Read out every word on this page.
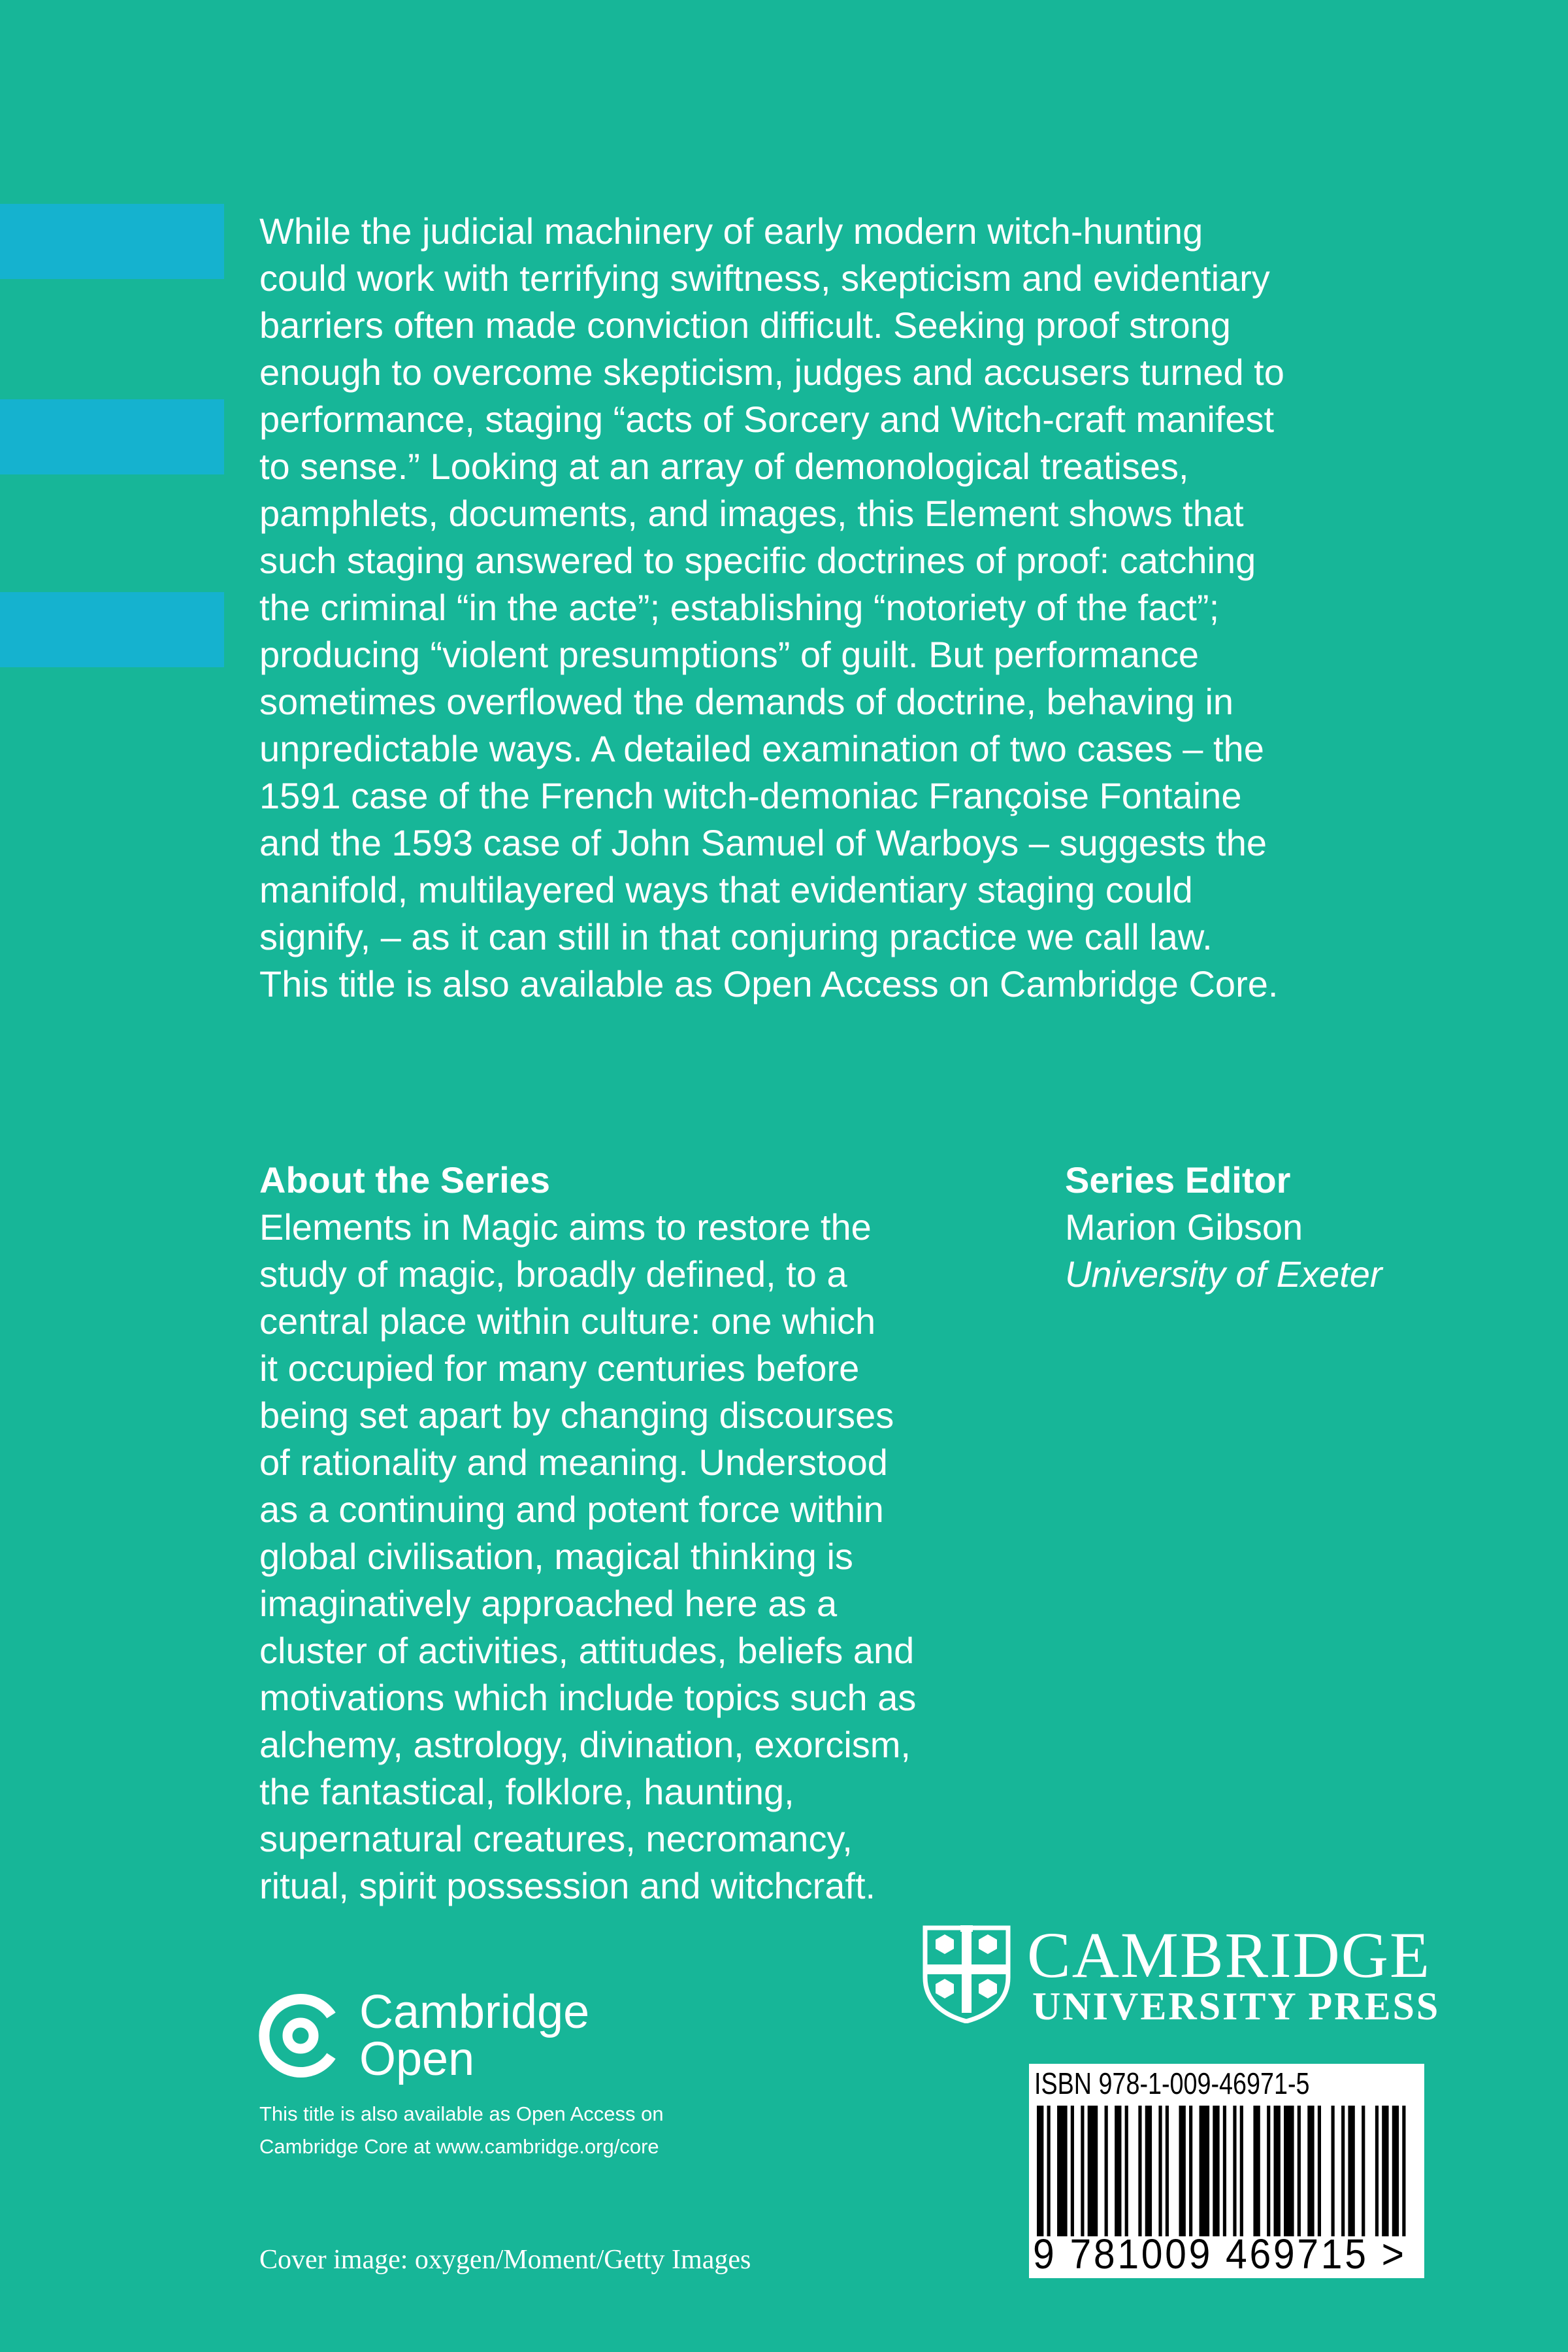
While the judicial machinery of early modern witch-hunting
could work with terrifying swiftness, skepticism and evidentiary
barriers often made conviction difficult. Seeking proof strong
enough to overcome skepticism, judges and accusers turned to
performance, staging “acts of Sorcery and Witch-craft manifest
to sense.” Looking at an array of demonological treatises,
pamphlets, documents, and images, this Element shows that
such staging answered to specific doctrines of proof: catching
the criminal “in the acte”; establishing “notoriety of the fact”;
producing “violent presumptions” of guilt. But performance
sometimes overflowed the demands of doctrine, behaving in
unpredictable ways. A detailed examination of two cases – the
1591 case of the French witch-demoniac Françoise Fontaine
and the 1593 case of John Samuel of Warboys – suggests the
manifold, multilayered ways that evidentiary staging could
signify, – as it can still in that conjuring practice we call law.
This title is also available as Open Access on Cambridge Core.
About the Series
Elements in Magic aims to restore the
study of magic, broadly defined, to a
central place within culture: one which
it occupied for many centuries before
being set apart by changing discourses
of rationality and meaning. Understood
as a continuing and potent force within
global civilisation, magical thinking is
imaginatively approached here as a
cluster of activities, attitudes, beliefs and
motivations which include topics such as
alchemy, astrology, divination, exorcism,
the fantastical, folklore, haunting,
supernatural creatures, necromancy,
ritual, spirit possession and witchcraft.
Series Editor
Marion Gibson
University of Exeter
CAMBRIDGE
UNIVERSITY PRESS
Cambridge
Open
This title is also available as Open Access on
Cambridge Core at www.cambridge.org/core
Cover image: oxygen/Moment/Getty Images
ISBN 978-1-009-46971-5
9 781009 469715 >
